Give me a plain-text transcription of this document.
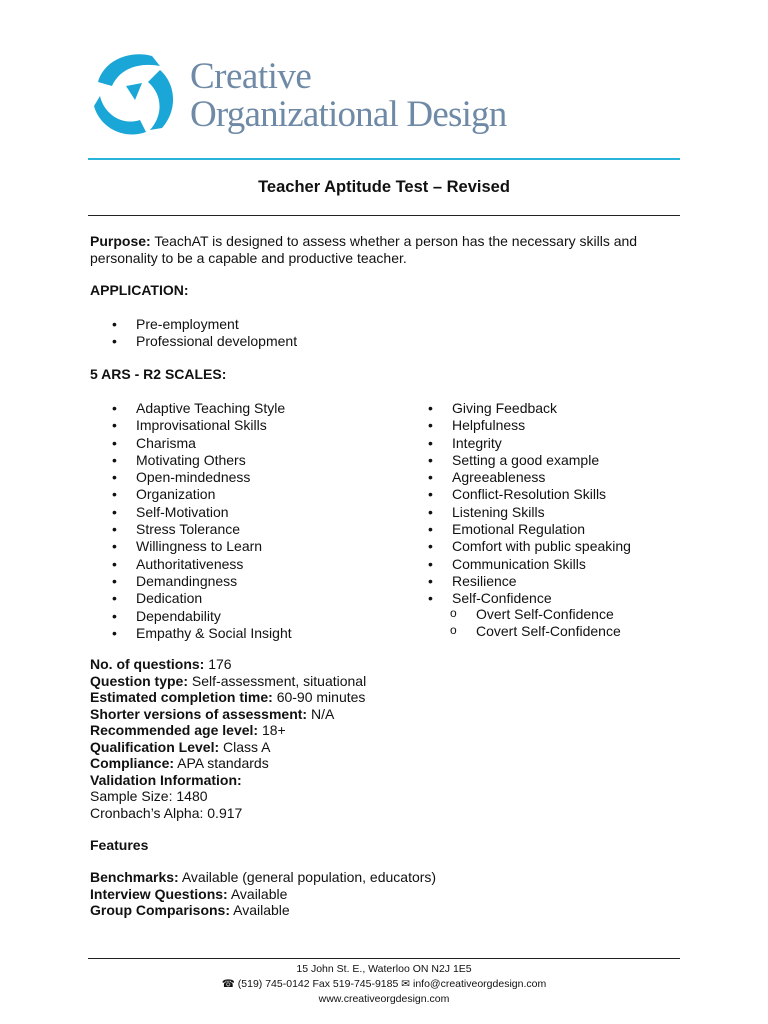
Creative
Organizational Design
Teacher Aptitude Test – Revised
Purpose: TeachAT is designed to assess whether a person has the necessary skills and personality to be a capable and productive teacher.
APPLICATION:
• Pre-employment
• Professional development
5 ARS - R2 SCALES:
• Adaptive Teaching Style
• Improvisational Skills
• Charisma
• Motivating Others
• Open-mindedness
• Organization
• Self-Motivation
• Stress Tolerance
• Willingness to Learn
• Authoritativeness
• Demandingness
• Dedication
• Dependability
• Empathy & Social Insight
• Giving Feedback
• Helpfulness
• Integrity
• Setting a good example
• Agreeableness
• Conflict-Resolution Skills
• Listening Skills
• Emotional Regulation
• Comfort with public speaking
• Communication Skills
• Resilience
• Self-Confidence
o Overt Self-Confidence
o Covert Self-Confidence
No. of questions: 176
Question type: Self-assessment, situational
Estimated completion time: 60-90 minutes
Shorter versions of assessment: N/A
Recommended age level: 18+
Qualification Level: Class A
Compliance: APA standards
Validation Information:
Sample Size: 1480
Cronbach’s Alpha: 0.917
Features
Benchmarks: Available (general population, educators)
Interview Questions: Available
Group Comparisons: Available
15 John St. E., Waterloo ON N2J 1E5
☎ (519) 745-0142 Fax 519-745-9185 ✉ info@creativeorgdesign.com
www.creativeorgdesign.com
